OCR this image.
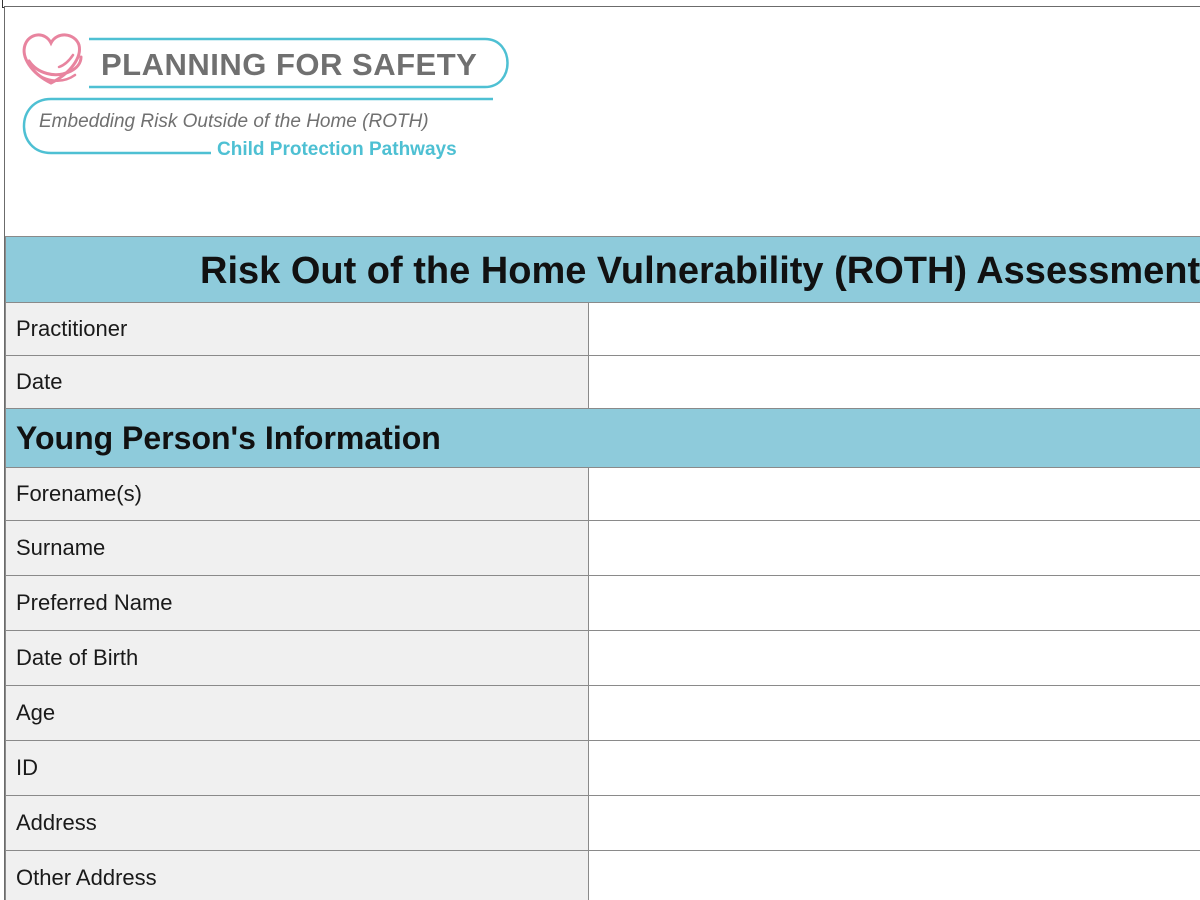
PLANNING FOR SAFETY
Embedding Risk Outside of the Home (ROTH)
Child Protection Pathways
Risk Out of the Home Vulnerability (ROTH) Assessment	
Practitioner	
Date	
Young Person's Information	
Forename(s)	
Surname	
Preferred Name	
Date of Birth	
Age	
ID	
Address	
Other Address	
